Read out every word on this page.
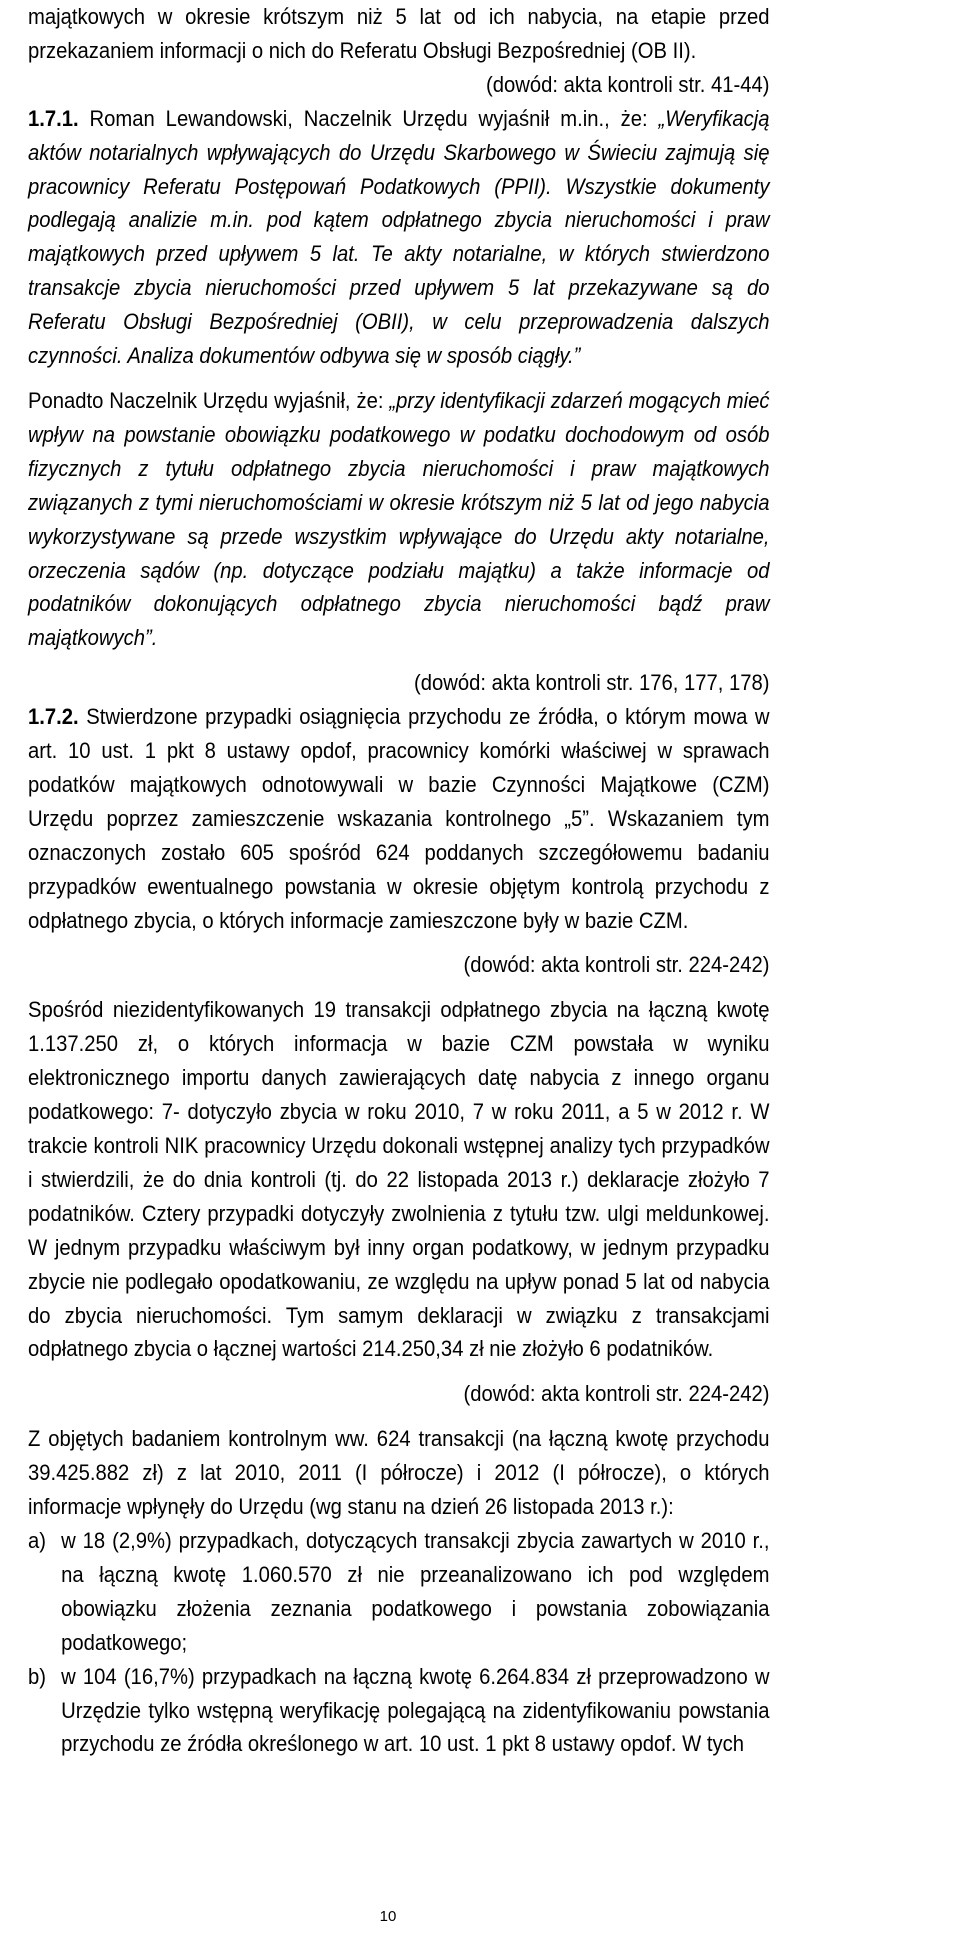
majątkowych w okresie krótszym niż 5 lat od ich nabycia, na etapie przed przekazaniem informacji o nich do Referatu Obsługi Bezpośredniej (OB II).

(dowód: akta kontroli str. 41-44)

1.7.1. Roman Lewandowski, Naczelnik Urzędu wyjaśnił m.in., że: „Weryfikacją aktów notarialnych wpływających do Urzędu Skarbowego w Świeciu zajmują się pracownicy Referatu Postępowań Podatkowych (PPII). Wszystkie dokumenty podlegają analizie m.in. pod kątem odpłatnego zbycia nieruchomości i praw majątkowych przed upływem 5 lat. Te akty notarialne, w których stwierdzono transakcje zbycia nieruchomości przed upływem 5 lat przekazywane są do Referatu Obsługi Bezpośredniej (OBII), w celu przeprowadzenia dalszych czynności. Analiza dokumentów odbywa się w sposób ciągły.”

Ponadto Naczelnik Urzędu wyjaśnił, że: „przy identyfikacji zdarzeń mogących mieć wpływ na powstanie obowiązku podatkowego w podatku dochodowym od osób fizycznych z tytułu odpłatnego zbycia nieruchomości i praw majątkowych związanych z tymi nieruchomościami w okresie krótszym niż 5 lat od jego nabycia wykorzystywane są przede wszystkim wpływające do Urzędu akty notarialne, orzeczenia sądów (np. dotyczące podziału majątku) a także informacje od podatników dokonujących odpłatnego zbycia nieruchomości bądź praw majątkowych”.

(dowód: akta kontroli str. 176, 177, 178)

1.7.2. Stwierdzone przypadki osiągnięcia przychodu ze źródła, o którym mowa w art. 10 ust. 1 pkt 8 ustawy opdof, pracownicy komórki właściwej w sprawach podatków majątkowych odnotowywali w bazie Czynności Majątkowe (CZM) Urzędu poprzez zamieszczenie wskazania kontrolnego „5”. Wskazaniem tym oznaczonych zostało 605 spośród 624 poddanych szczegółowemu badaniu przypadków ewentualnego powstania w okresie objętym kontrolą przychodu z odpłatnego zbycia, o których informacje zamieszczone były w bazie CZM.

(dowód: akta kontroli str. 224-242)

Spośród niezidentyfikowanych 19 transakcji odpłatnego zbycia na łączną kwotę 1.137.250 zł, o których informacja w bazie CZM powstała w wyniku elektronicznego importu danych zawierających datę nabycia z innego organu podatkowego: 7- dotyczyło zbycia w roku 2010, 7 w roku 2011, a 5 w 2012 r. W trakcie kontroli NIK pracownicy Urzędu dokonali wstępnej analizy tych przypadków i stwierdzili, że do dnia kontroli (tj. do 22 listopada 2013 r.) deklaracje złożyło 7 podatników. Cztery przypadki dotyczyły zwolnienia z tytułu tzw. ulgi meldunkowej. W jednym przypadku właściwym był inny organ podatkowy, w jednym przypadku zbycie nie podlegało opodatkowaniu, ze względu na upływ ponad 5 lat od nabycia do zbycia nieruchomości. Tym samym deklaracji w związku z transakcjami odpłatnego zbycia o łącznej wartości 214.250,34 zł nie złożyło 6 podatników.

(dowód: akta kontroli str. 224-242)

Z objętych badaniem kontrolnym ww. 624 transakcji (na łączną kwotę przychodu 39.425.882 zł) z lat 2010, 2011 (I półrocze) i 2012 (I półrocze), o których informacje wpłynęły do Urzędu (wg stanu na dzień 26 listopada 2013 r.):

a) w 18 (2,9%) przypadkach, dotyczących transakcji zbycia zawartych w 2010 r., na łączną kwotę 1.060.570 zł nie przeanalizowano ich pod względem obowiązku złożenia zeznania podatkowego i powstania zobowiązania podatkowego;
b) w 104 (16,7%) przypadkach na łączną kwotę 6.264.834 zł przeprowadzono w Urzędzie tylko wstępną weryfikację polegającą na zidentyfikowaniu powstania przychodu ze źródła określonego w art. 10 ust. 1 pkt 8 ustawy opdof. W tych
10
